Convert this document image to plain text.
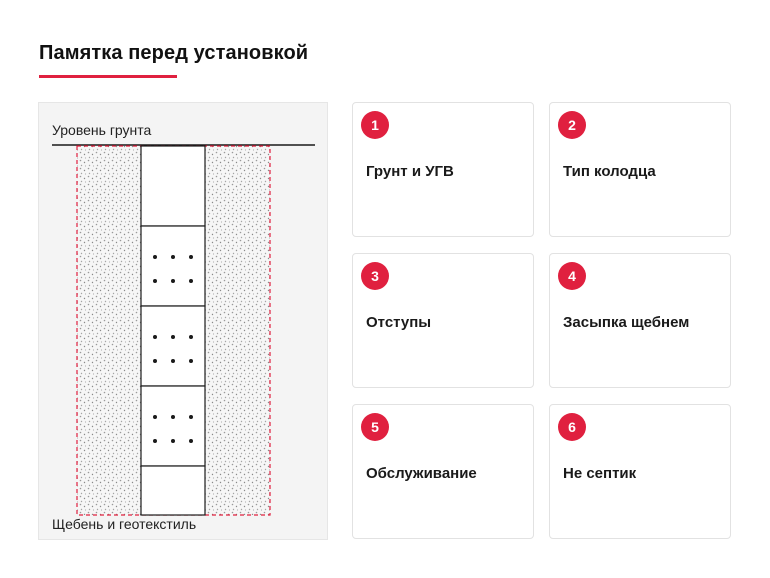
Памятка перед установкой
Уровень грунта
Щебень и геотекстиль
1
Грунт и УГВ
2
Тип колодца
3
Отступы
4
Засыпка щебнем
5
Обслуживание
6
Не септик
